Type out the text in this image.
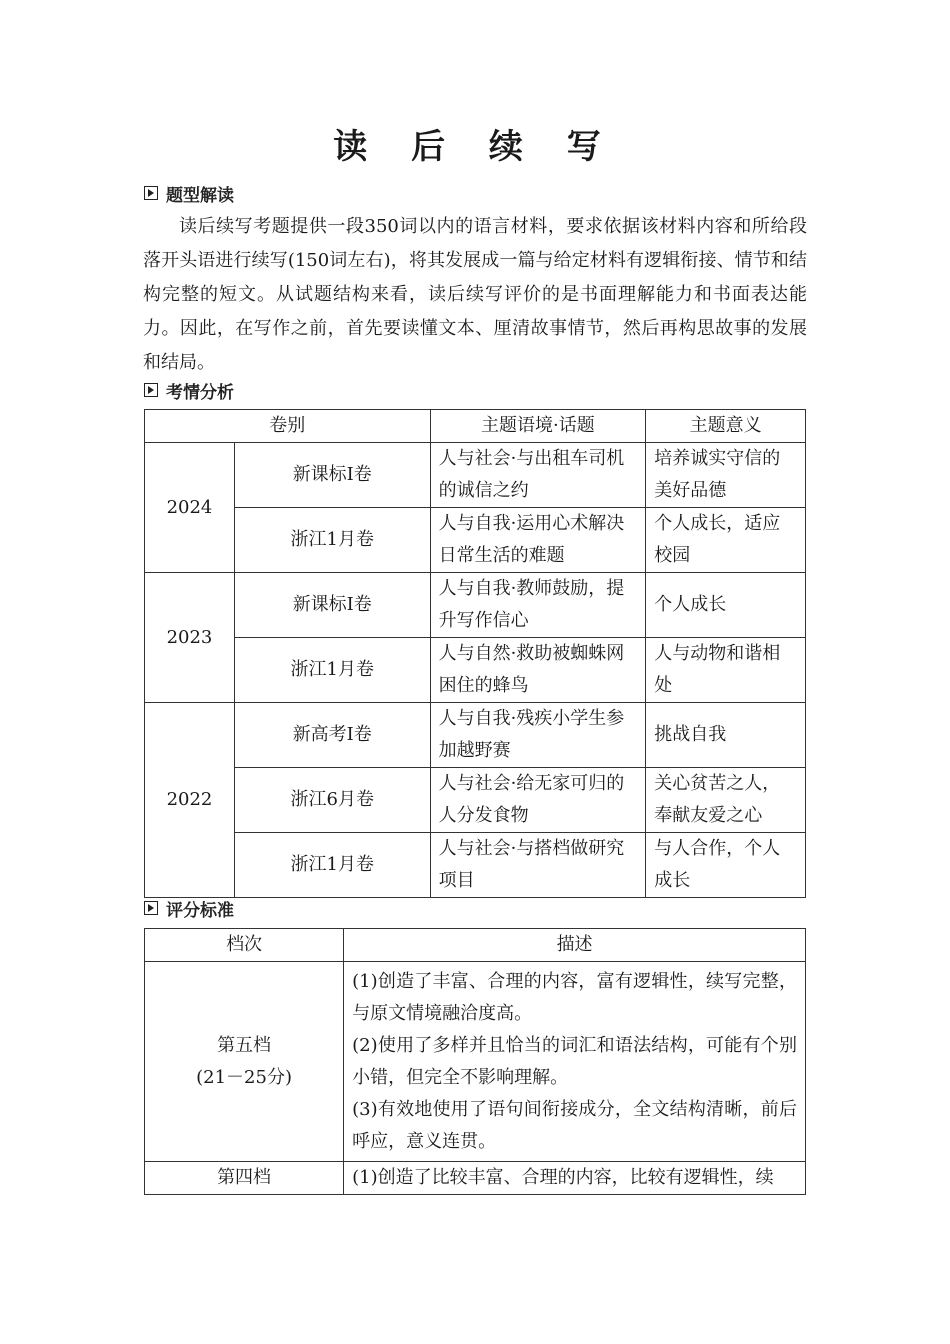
读 后 续 写
题型解读

读后续写考题提供一段350词以内的语言材料，要求依据该材料内容和所给段落开头语进行续写(150词左右)，将其发展成一篇与给定材料有逻辑衔接、情节和结构完整的短文。从试题结构来看，读后续写评价的是书面理解能力和书面表达能力。因此，在写作之前，首先要读懂文本、厘清故事情节，然后再构思故事的发展和结局。

考情分析
卷别		主题语境·话题	主题意义
2024	新课标Ⅰ卷	人与社会·与出租车司机的诚信之约	培养诚实守信的美好品德
	浙江1月卷	人与自我·运用心术解决日常生活的难题	个人成长，适应校园
2023	新课标Ⅰ卷	人与自我·教师鼓励，提升写作信心	个人成长
	浙江1月卷	人与自然·救助被蜘蛛网困住的蜂鸟	人与动物和谐相处
2022	新高考Ⅰ卷	人与自我·残疾小学生参加越野赛	挑战自我
	浙江6月卷	人与社会·给无家可归的人分发食物	关心贫苦之人，奉献友爱之心
	浙江1月卷	人与社会·与搭档做研究项目	与人合作，个人成长
评分标准
档次	描述

第五档
(21－25分)	(1)创造了丰富、合理的内容，富有逻辑性，续写完整，与原文情境融洽度高。
(2)使用了多样并且恰当的词汇和语法结构，可能有个别小错，但完全不影响理解。
(3)有效地使用了语句间衔接成分，全文结构清晰，前后呼应，意义连贯。

第四档	(1)创造了比较丰富、合理的内容，比较有逻辑性，续
